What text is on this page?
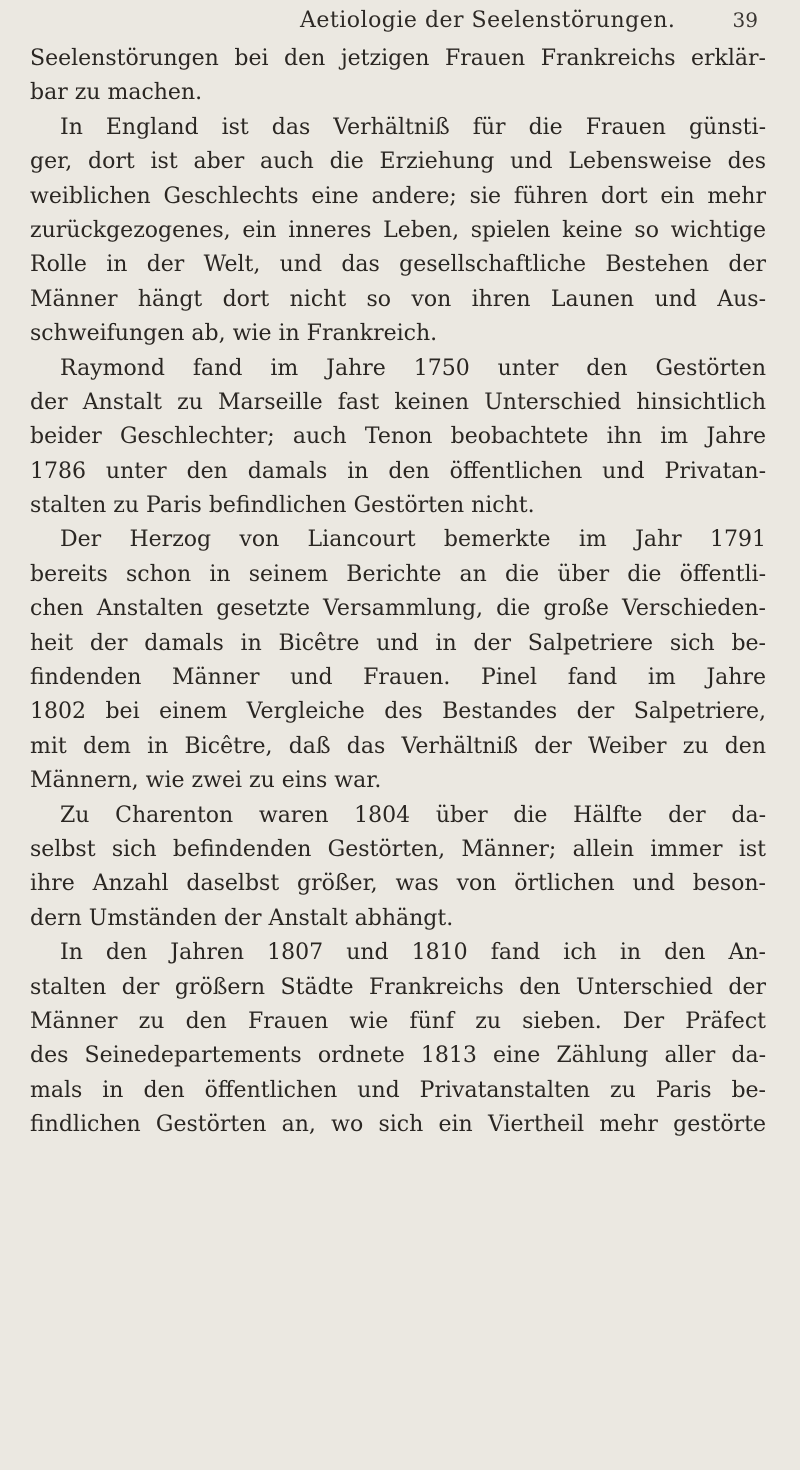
Aetiologie der Seelenstörungen.	39
Seelenstörungen bei den jetzigen Frauen Frankreichs erklär-
bar zu machen.
In England ist das Verhältniß für die Frauen günsti-
ger, dort ist aber auch die Erziehung und Lebensweise des
weiblichen Geschlechts eine andere; sie führen dort ein mehr
zurückgezogenes, ein inneres Leben, spielen keine so wichtige
Rolle in der Welt, und das gesellschaftliche Bestehen der
Männer hängt dort nicht so von ihren Launen und Aus-
schweifungen ab, wie in Frankreich.
Raymond fand im Jahre 1750 unter den Gestörten
der Anstalt zu Marseille fast keinen Unterschied hinsichtlich
beider Geschlechter; auch Tenon beobachtete ihn im Jahre
1786 unter den damals in den öffentlichen und Privatan-
stalten zu Paris befindlichen Gestörten nicht.
Der Herzog von Liancourt bemerkte im Jahr 1791
bereits schon in seinem Berichte an die über die öffentli-
chen Anstalten gesetzte Versammlung, die große Verschieden-
heit der damals in Bicêtre und in der Salpetriere sich be-
findenden Männer und Frauen. Pinel fand im Jahre
1802 bei einem Vergleiche des Bestandes der Salpetriere,
mit dem in Bicêtre, daß das Verhältniß der Weiber zu den
Männern, wie zwei zu eins war.
Zu Charenton waren 1804 über die Hälfte der da-
selbst sich befindenden Gestörten, Männer; allein immer ist
ihre Anzahl daselbst größer, was von örtlichen und beson-
dern Umständen der Anstalt abhängt.
In den Jahren 1807 und 1810 fand ich in den An-
stalten der größern Städte Frankreichs den Unterschied der
Männer zu den Frauen wie fünf zu sieben. Der Präfect
des Seinedepartements ordnete 1813 eine Zählung aller da-
mals in den öffentlichen und Privatanstalten zu Paris be-
findlichen Gestörten an, wo sich ein Viertheil mehr gestörte
